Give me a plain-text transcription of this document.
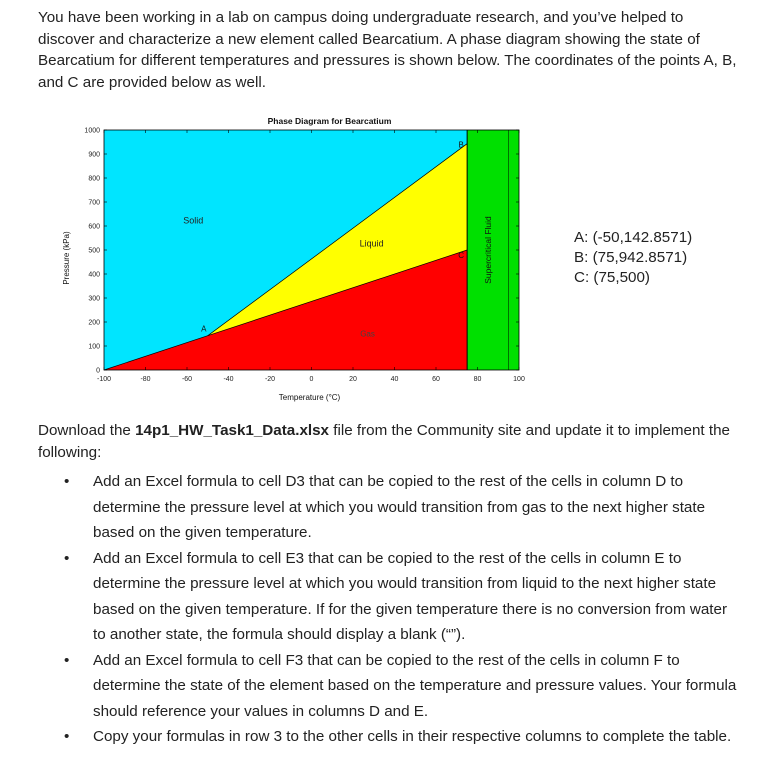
You have been working in a lab on campus doing undergraduate research, and you’ve helped to discover and characterize a new element called Bearcatium. A phase diagram showing the state of Bearcatium for different temperatures and pressures is shown below. The coordinates of the points A, B, and C are provided below as well.

-100	-80	-60	-40	-20	0	20	40	60	80	100
0
100
200
300
400
500
600
700
800
900
1000
Phase Diagram for Bearcatium
Temperature (°C)
Pressure (kPa)
Solid
Liquid
Gas
Supercritical Fluid
A
B
C
A: (-50,142.8571)
B: (75,942.8571)
C: (75,500)

Download the 14p1_HW_Task1_Data.xlsx file from the Community site and update it to implement the following:

• Add an Excel formula to cell D3 that can be copied to the rest of the cells in column D to determine the pressure level at which you would transition from gas to the next higher state based on the given temperature.
• Add an Excel formula to cell E3 that can be copied to the rest of the cells in column E to determine the pressure level at which you would transition from liquid to the next higher state based on the given temperature. If for the given temperature there is no conversion from water to another state, the formula should display a blank (“”).
• Add an Excel formula to cell F3 that can be copied to the rest of the cells in column F to determine the state of the element based on the temperature and pressure values. Your formula should reference your values in columns D and E.
• Copy your formulas in row 3 to the other cells in their respective columns to complete the table.
